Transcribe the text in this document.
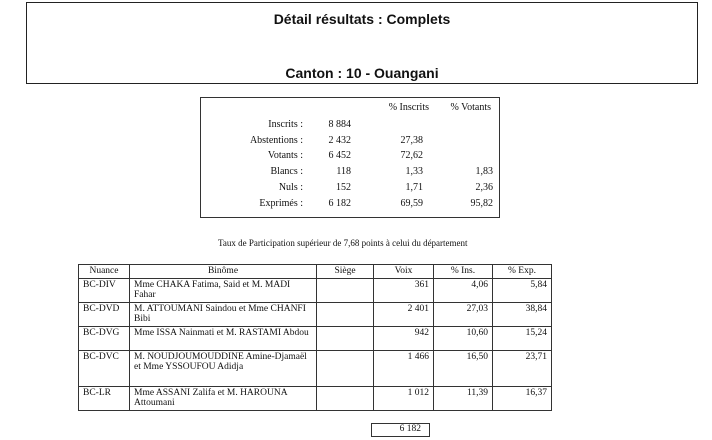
Détail résultats : Complets
Canton : 10 - Ouangani
% Inscrits % Votants
Inscrits :	8 884
Abstentions :	2 432	27,38
Votants :	6 452	72,62
Blancs :	118	1,33	1,83
Nuls :	152	1,71	2,36
Exprimés :	6 182	69,59	95,82
Taux de Participation supérieur de 7,68 points à celui du département
Nuance	Binôme	Siège	Voix	% Ins.	% Exp.
BC-DIV	Mme CHAKA Fatima, Said et M. MADI Fahar		361	4,06	5,84
BC-DVD	M. ATTOUMANI Saindou et Mme CHANFI Bibi		2 401	27,03	38,84
BC-DVG	Mme ISSA Nainmati et M. RASTAMI Abdou		942	10,60	15,24
BC-DVC	M. NOUDJOUMOUDDINE Amine-Djamaël et Mme YSSOUFOU Adidja		1 466	16,50	23,71
BC-LR	Mme ASSANI Zalifa et M. HAROUNA Attoumani		1 012	11,39	16,37
6 182
